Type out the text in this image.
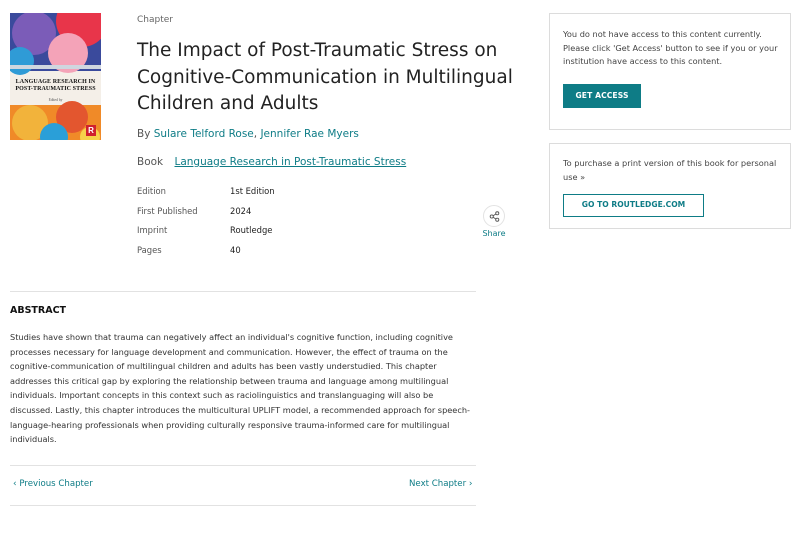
LANGUAGE RESEARCH IN POST-TRAUMATIC STRESS
Edited by
R
Chapter
The Impact of Post-Traumatic Stress on Cognitive-Communication in Multilingual Children and Adults
By Sulare Telford Rose, Jennifer Rae Myers
Book Language Research in Post-Traumatic Stress
Edition	1st Edition
First Published	2024
Imprint	Routledge
Pages	40
Share
ABSTRACT

Studies have shown that trauma can negatively affect an individual's cognitive function, including cognitive processes necessary for language development and communication. However, the effect of trauma on the cognitive-communication of multilingual children and adults has been vastly understudied. This chapter addresses this critical gap by exploring the relationship between trauma and language among multilingual individuals. Important concepts in this context such as raciolinguistics and translanguaging will also be discussed. Lastly, this chapter introduces the multicultural UPLIFT model, a recommended approach for speech-language-hearing professionals when providing culturally responsive trauma-informed care for multilingual individuals.

‹ Previous Chapter	Next Chapter ›
You do not have access to this content currently. Please click 'Get Access' button to see if you or your institution have access to this content.
GET ACCESS
To purchase a print version of this book for personal use »
GO TO ROUTLEDGE.COM
